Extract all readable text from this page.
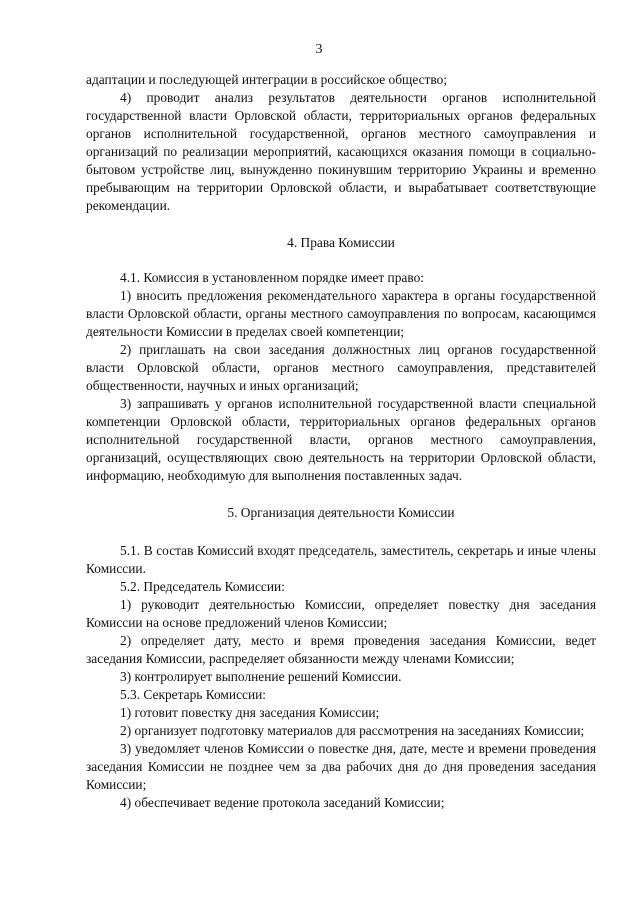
3

адаптации и последующей интеграции в российское общество;

4) проводит анализ результатов деятельности органов исполнительной государственной власти Орловской области, территориальных органов федеральных органов исполнительной государственной, органов местного самоуправления и организаций по реализации мероприятий, касающихся оказания помощи в социально-бытовом устройстве лиц, вынужденно покинувшим территорию Украины и временно пребывающим на территории Орловской области, и вырабатывает соответствующие рекомендации.

4. Права Комиссии

4.1. Комиссия в установленном порядке имеет право:

1) вносить предложения рекомендательного характера в органы государственной власти Орловской области, органы местного самоуправления по вопросам, касающимся деятельности Комиссии в пределах своей компетенции;

2) приглашать на свои заседания должностных лиц органов государственной власти Орловской области, органов местного самоуправления, представителей общественности, научных и иных организаций;

3) запрашивать у органов исполнительной государственной власти специальной компетенции Орловской области, территориальных органов федеральных органов исполнительной государственной власти, органов местного самоуправления, организаций, осуществляющих свою деятельность на территории Орловской области, информацию, необходимую для выполнения поставленных задач.

5. Организация деятельности Комиссии

5.1. В состав Комиссий входят председатель, заместитель, секретарь и иные члены Комиссии.

5.2. Председатель Комиссии:

1) руководит деятельностью Комиссии, определяет повестку дня заседания Комиссии на основе предложений членов Комиссии;

2) определяет дату, место и время проведения заседания Комиссии, ведет заседания Комиссии, распределяет обязанности между членами Комиссии;

3) контролирует выполнение решений Комиссии.

5.3. Секретарь Комиссии:

1) готовит повестку дня заседания Комиссии;

2) организует подготовку материалов для рассмотрения на заседаниях Комиссии;

3) уведомляет членов Комиссии о повестке дня, дате, месте и времени проведения заседания Комиссии не позднее чем за два рабочих дня до дня проведения заседания Комиссии;

4) обеспечивает ведение протокола заседаний Комиссии;
